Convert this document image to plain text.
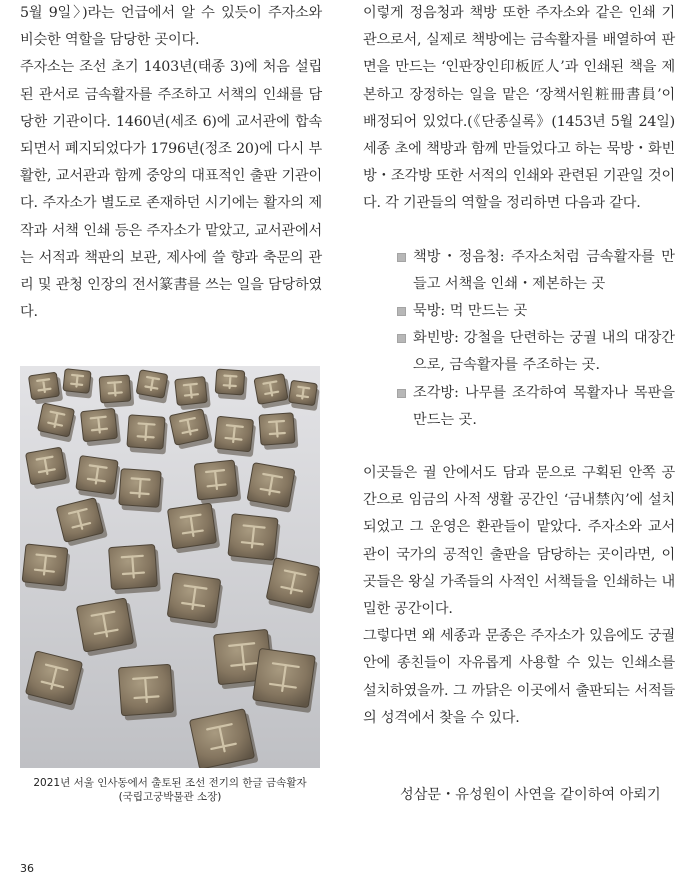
5월 9일〉)라는 언급에서 알 수 있듯이 주자소와 비슷한 역할을 담당한 곳이다.

주자소는 조선 초기 1403년(태종 3)에 처음 설립된 관서로 금속활자를 주조하고 서책의 인쇄를 담당한 기관이다. 1460년(세조 6)에 교서관에 합속되면서 폐지되었다가 1796년(정조 20)에 다시 부활한, 교서관과 함께 중앙의 대표적인 출판 기관이다. 주자소가 별도로 존재하던 시기에는 활자의 제작과 서책 인쇄 등은 주자소가 맡았고, 교서관에서는 서적과 책판의 보관, 제사에 쓸 향과 축문의 관리 및 관청 인장의 전서篆書를 쓰는 일을 담당하였다.

2021년 서울 인사동에서 출토된 조선 전기의 한글 금속활자
(국립고궁박물관 소장)

이렇게 정음청과 책방 또한 주자소와 같은 인쇄 기관으로서, 실제로 책방에는 금속활자를 배열하여 판면을 만드는 ‘인판장인印板匠人’과 인쇄된 책을 제본하고 장정하는 일을 맡은 ‘장책서원粧冊書員’이 배정되어 있었다.(《단종실록》(1453년 5월 24일) 세종 초에 책방과 함께 만들었다고 하는 묵방・화빈방・조각방 또한 서적의 인쇄와 관련된 기관일 것이다. 각 기관들의 역할을 정리하면 다음과 같다.

책방・정음청: 주자소처럼 금속활자를 만들고 서책을 인쇄・제본하는 곳
묵방: 먹 만드는 곳
화빈방: 강철을 단련하는 궁궐 내의 대장간으로, 금속활자를 주조하는 곳.
조각방: 나무를 조각하여 목활자나 목판을 만드는 곳.

이곳들은 궐 안에서도 담과 문으로 구획된 안쪽 공간으로 임금의 사적 생활 공간인 ‘금내禁內’에 설치되었고 그 운영은 환관들이 맡았다. 주자소와 교서관이 국가의 공적인 출판을 담당하는 곳이라면, 이곳들은 왕실 가족들의 사적인 서책들을 인쇄하는 내밀한 공간이다.

그렇다면 왜 세종과 문종은 주자소가 있음에도 궁궐 안에 종친들이 자유롭게 사용할 수 있는 인쇄소를 설치하였을까. 그 까닭은 이곳에서 출판되는 서적들의 성격에서 찾을 수 있다.

성삼문・유성원이 사연을 같이하여 아뢰기
36
